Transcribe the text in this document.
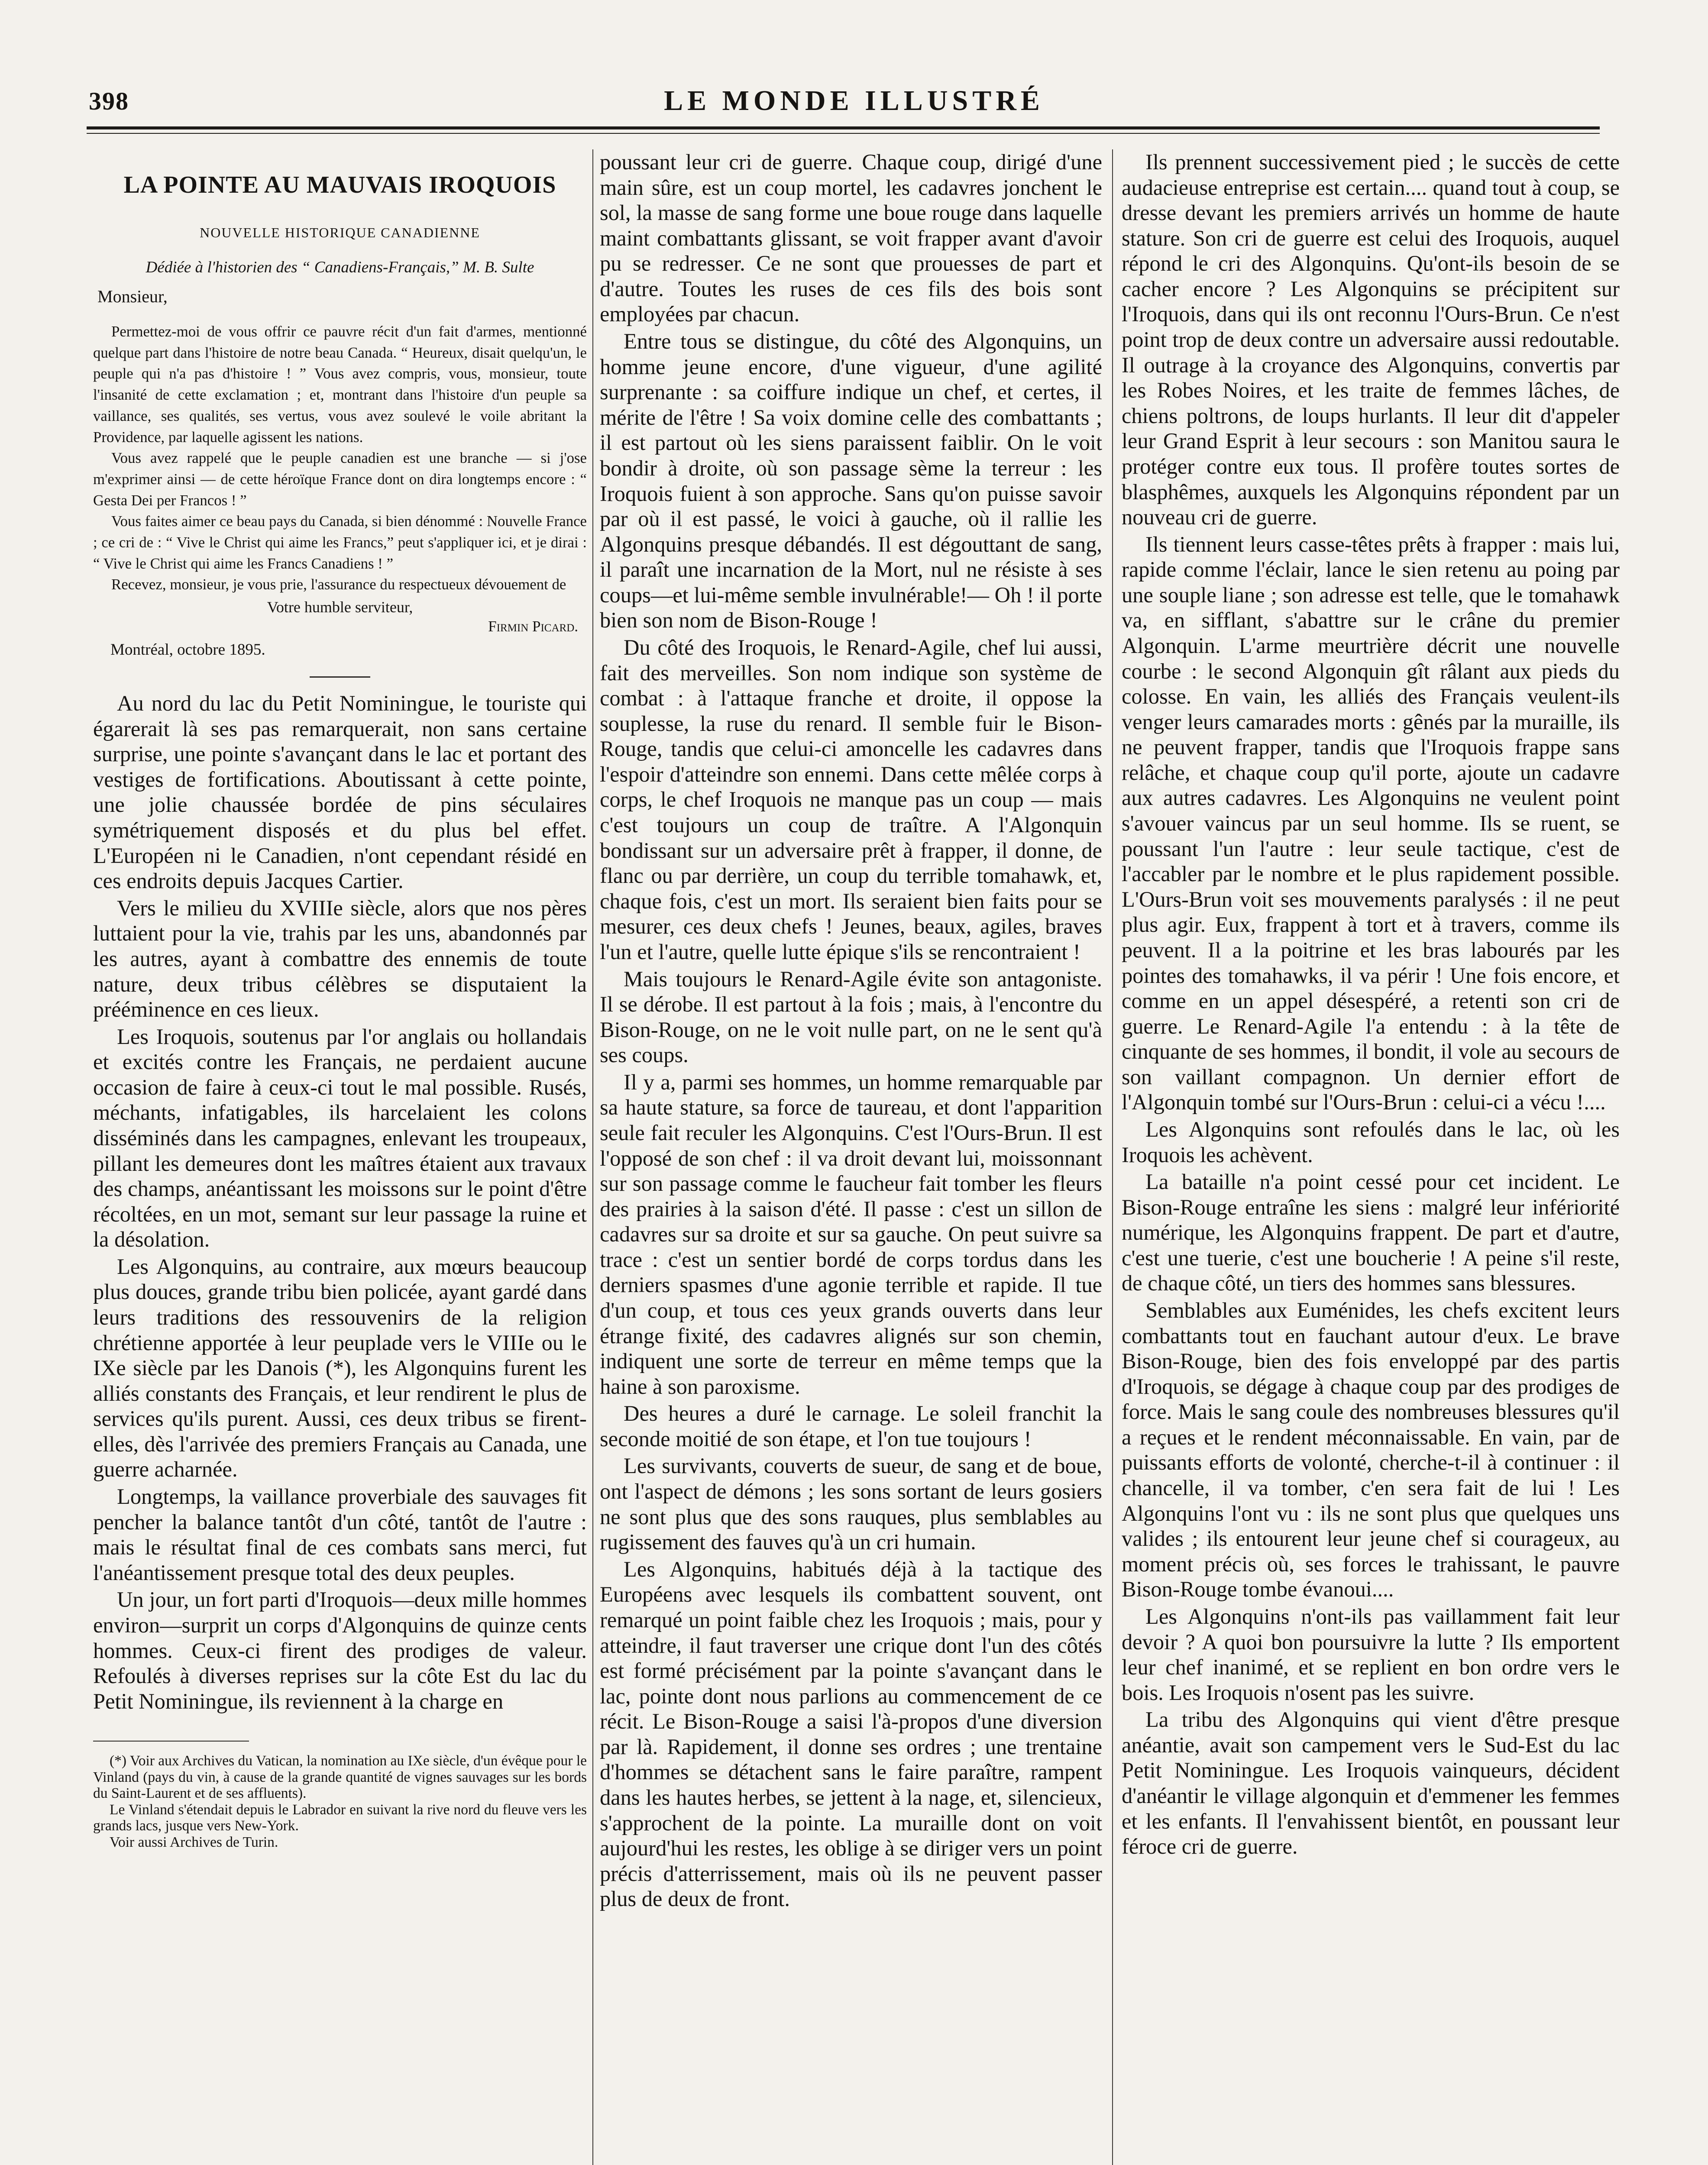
398	LE MONDE ILLUSTRÉ
LA POINTE AU MAUVAIS IROQUOIS
NOUVELLE HISTORIQUE CANADIENNE
Dédiée à l'historien des “ Canadiens-Français,” M. B. Sulte
Monsieur,

Permettez-moi de vous offrir ce pauvre récit d'un fait d'armes, mentionné quelque part dans l'histoire de notre beau Canada. “ Heureux, disait quelqu'un, le peuple qui n'a pas d'histoire ! ” Vous avez compris, vous, monsieur, toute l'insanité de cette exclamation ; et, montrant dans l'histoire d'un peuple sa vaillance, ses qualités, ses vertus, vous avez soulevé le voile abritant la Providence, par laquelle agissent les nations.

Vous avez rappelé que le peuple canadien est une branche — si j'ose m'exprimer ainsi — de cette héroïque France dont on dira longtemps encore : “ Gesta Dei per Francos ! ”

Vous faites aimer ce beau pays du Canada, si bien dénommé : Nouvelle France ; ce cri de : “ Vive le Christ qui aime les Francs,” peut s'appliquer ici, et je dirai : “ Vive le Christ qui aime les Francs Canadiens ! ”

Recevez, monsieur, je vous prie, l'assurance du respectueux dévouement de

Votre humble serviteur,
Firmin Picard.
Montréal, octobre 1895.

Au nord du lac du Petit Nominingue, le touriste qui égarerait là ses pas remarquerait, non sans certaine surprise, une pointe s'avançant dans le lac et portant des vestiges de fortifications. Aboutissant à cette pointe, une jolie chaussée bordée de pins séculaires symétriquement disposés et du plus bel effet. L'Européen ni le Canadien, n'ont cependant résidé en ces endroits depuis Jacques Cartier.

Vers le milieu du XVIIIe siècle, alors que nos pères luttaient pour la vie, trahis par les uns, abandonnés par les autres, ayant à combattre des ennemis de toute nature, deux tribus célèbres se disputaient la prééminence en ces lieux.

Les Iroquois, soutenus par l'or anglais ou hollandais et excités contre les Français, ne perdaient aucune occasion de faire à ceux-ci tout le mal possible. Rusés, méchants, infatigables, ils harcelaient les colons disséminés dans les campagnes, enlevant les troupeaux, pillant les demeures dont les maîtres étaient aux travaux des champs, anéantissant les moissons sur le point d'être récoltées, en un mot, semant sur leur passage la ruine et la désolation.

Les Algonquins, au contraire, aux mœurs beaucoup plus douces, grande tribu bien policée, ayant gardé dans leurs traditions des ressouvenirs de la religion chrétienne apportée à leur peuplade vers le VIIIe ou le IXe siècle par les Danois (*), les Algonquins furent les alliés constants des Français, et leur rendirent le plus de services qu'ils purent. Aussi, ces deux tribus se firent-elles, dès l'arrivée des premiers Français au Canada, une guerre acharnée.

Longtemps, la vaillance proverbiale des sauvages fit pencher la balance tantôt d'un côté, tantôt de l'autre : mais le résultat final de ces combats sans merci, fut l'anéantissement presque total des deux peuples.

Un jour, un fort parti d'Iroquois—deux mille hommes environ—surprit un corps d'Algonquins de quinze cents hommes. Ceux-ci firent des prodiges de valeur. Refoulés à diverses reprises sur la côte Est du lac du Petit Nominingue, ils reviennent à la charge en

(*) Voir aux Archives du Vatican, la nomination au IXe siècle, d'un évêque pour le Vinland (pays du vin, à cause de la grande quantité de vignes sauvages sur les bords du Saint-Laurent et de ses affluents).

Le Vinland s'étendait depuis le Labrador en suivant la rive nord du fleuve vers les grands lacs, jusque vers New-York.

Voir aussi Archives de Turin.

poussant leur cri de guerre. Chaque coup, dirigé d'une main sûre, est un coup mortel, les cadavres jonchent le sol, la masse de sang forme une boue rouge dans laquelle maint combattants glissant, se voit frapper avant d'avoir pu se redresser. Ce ne sont que prouesses de part et d'autre. Toutes les ruses de ces fils des bois sont employées par chacun.

Entre tous se distingue, du côté des Algonquins, un homme jeune encore, d'une vigueur, d'une agilité surprenante : sa coiffure indique un chef, et certes, il mérite de l'être ! Sa voix domine celle des combattants ; il est partout où les siens paraissent faiblir. On le voit bondir à droite, où son passage sème la terreur : les Iroquois fuient à son approche. Sans qu'on puisse savoir par où il est passé, le voici à gauche, où il rallie les Algonquins presque débandés. Il est dégouttant de sang, il paraît une incarnation de la Mort, nul ne résiste à ses coups—et lui-même semble invulnérable!— Oh ! il porte bien son nom de Bison-Rouge !

Du côté des Iroquois, le Renard-Agile, chef lui aussi, fait des merveilles. Son nom indique son système de combat : à l'attaque franche et droite, il oppose la souplesse, la ruse du renard. Il semble fuir le Bison-Rouge, tandis que celui-ci amoncelle les cadavres dans l'espoir d'atteindre son ennemi. Dans cette mêlée corps à corps, le chef Iroquois ne manque pas un coup — mais c'est toujours un coup de traître. A l'Algonquin bondissant sur un adversaire prêt à frapper, il donne, de flanc ou par derrière, un coup du terrible tomahawk, et, chaque fois, c'est un mort. Ils seraient bien faits pour se mesurer, ces deux chefs ! Jeunes, beaux, agiles, braves l'un et l'autre, quelle lutte épique s'ils se rencontraient !

Mais toujours le Renard-Agile évite son antagoniste. Il se dérobe. Il est partout à la fois ; mais, à l'encontre du Bison-Rouge, on ne le voit nulle part, on ne le sent qu'à ses coups.

Il y a, parmi ses hommes, un homme remarquable par sa haute stature, sa force de taureau, et dont l'apparition seule fait reculer les Algonquins. C'est l'Ours-Brun. Il est l'opposé de son chef : il va droit devant lui, moissonnant sur son passage comme le faucheur fait tomber les fleurs des prairies à la saison d'été. Il passe : c'est un sillon de cadavres sur sa droite et sur sa gauche. On peut suivre sa trace : c'est un sentier bordé de corps tordus dans les derniers spasmes d'une agonie terrible et rapide. Il tue d'un coup, et tous ces yeux grands ouverts dans leur étrange fixité, des cadavres alignés sur son chemin, indiquent une sorte de terreur en même temps que la haine à son paroxisme.

Des heures a duré le carnage. Le soleil franchit la seconde moitié de son étape, et l'on tue toujours !

Les survivants, couverts de sueur, de sang et de boue, ont l'aspect de démons ; les sons sortant de leurs gosiers ne sont plus que des sons rauques, plus semblables au rugissement des fauves qu'à un cri humain.

Les Algonquins, habitués déjà à la tactique des Européens avec lesquels ils combattent souvent, ont remarqué un point faible chez les Iroquois ; mais, pour y atteindre, il faut traverser une crique dont l'un des côtés est formé précisément par la pointe s'avançant dans le lac, pointe dont nous parlions au commencement de ce récit. Le Bison-Rouge a saisi l'à-propos d'une diversion par là. Rapidement, il donne ses ordres ; une trentaine d'hommes se détachent sans le faire paraître, rampent dans les hautes herbes, se jettent à la nage, et, silencieux, s'approchent de la pointe. La muraille dont on voit aujourd'hui les restes, les oblige à se diriger vers un point précis d'atterrissement, mais où ils ne peuvent passer plus de deux de front.

Ils prennent successivement pied ; le succès de cette audacieuse entreprise est certain.... quand tout à coup, se dresse devant les premiers arrivés un homme de haute stature. Son cri de guerre est celui des Iroquois, auquel répond le cri des Algonquins. Qu'ont-ils besoin de se cacher encore ? Les Algonquins se précipitent sur l'Iroquois, dans qui ils ont reconnu l'Ours-Brun. Ce n'est point trop de deux contre un adversaire aussi redoutable. Il outrage à la croyance des Algonquins, convertis par les Robes Noires, et les traite de femmes lâches, de chiens poltrons, de loups hurlants. Il leur dit d'appeler leur Grand Esprit à leur secours : son Manitou saura le protéger contre eux tous. Il profère toutes sortes de blasphêmes, auxquels les Algonquins répondent par un nouveau cri de guerre.

Ils tiennent leurs casse-têtes prêts à frapper : mais lui, rapide comme l'éclair, lance le sien retenu au poing par une souple liane ; son adresse est telle, que le tomahawk va, en sifflant, s'abattre sur le crâne du premier Algonquin. L'arme meurtrière décrit une nouvelle courbe : le second Algonquin gît râlant aux pieds du colosse. En vain, les alliés des Français veulent-ils venger leurs camarades morts : gênés par la muraille, ils ne peuvent frapper, tandis que l'Iroquois frappe sans relâche, et chaque coup qu'il porte, ajoute un cadavre aux autres cadavres. Les Algonquins ne veulent point s'avouer vaincus par un seul homme. Ils se ruent, se poussant l'un l'autre : leur seule tactique, c'est de l'accabler par le nombre et le plus rapidement possible. L'Ours-Brun voit ses mouvements paralysés : il ne peut plus agir. Eux, frappent à tort et à travers, comme ils peuvent. Il a la poitrine et les bras labourés par les pointes des tomahawks, il va périr ! Une fois encore, et comme en un appel désespéré, a retenti son cri de guerre. Le Renard-Agile l'a entendu : à la tête de cinquante de ses hommes, il bondit, il vole au secours de son vaillant compagnon. Un dernier effort de l'Algonquin tombé sur l'Ours-Brun : celui-ci a vécu !....

Les Algonquins sont refoulés dans le lac, où les Iroquois les achèvent.

La bataille n'a point cessé pour cet incident. Le Bison-Rouge entraîne les siens : malgré leur infériorité numérique, les Algonquins frappent. De part et d'autre, c'est une tuerie, c'est une boucherie ! A peine s'il reste, de chaque côté, un tiers des hommes sans blessures.

Semblables aux Euménides, les chefs excitent leurs combattants tout en fauchant autour d'eux. Le brave Bison-Rouge, bien des fois enveloppé par des partis d'Iroquois, se dégage à chaque coup par des prodiges de force. Mais le sang coule des nombreuses blessures qu'il a reçues et le rendent méconnaissable. En vain, par de puissants efforts de volonté, cherche-t-il à continuer : il chancelle, il va tomber, c'en sera fait de lui ! Les Algonquins l'ont vu : ils ne sont plus que quelques uns valides ; ils entourent leur jeune chef si courageux, au moment précis où, ses forces le trahissant, le pauvre Bison-Rouge tombe évanoui....

Les Algonquins n'ont-ils pas vaillamment fait leur devoir ? A quoi bon poursuivre la lutte ? Ils emportent leur chef inanimé, et se replient en bon ordre vers le bois. Les Iroquois n'osent pas les suivre.

La tribu des Algonquins qui vient d'être presque anéantie, avait son campement vers le Sud-Est du lac Petit Nominingue. Les Iroquois vainqueurs, décident d'anéantir le village algonquin et d'emmener les femmes et les enfants. Il l'envahissent bientôt, en poussant leur féroce cri de guerre.
